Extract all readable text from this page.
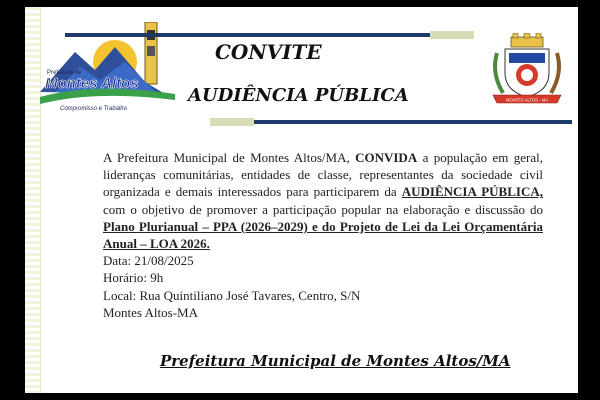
Prefeitura de
Montes Altos
Compromisso e Trabalho
CONVITE
AUDIÊNCIA PÚBLICA	MONTES ALTOS - MA

A Prefeitura Municipal de Montes Altos/MA, CONVIDA a população em geral, lideranças comunitárias, entidades de classe, representantes da sociedade civil organizada e demais interessados para participarem da AUDIÊNCIA PÚBLICA, com o objetivo de promover a participação popular na elaboração e discussão do Plano Plurianual – PPA (2026–2029) e do Projeto de Lei da Lei Orçamentária Anual – LOA 2026.

Data: 21/08/2025

Horário: 9h

Local: Rua Quintiliano José Tavares, Centro, S/N

Montes Altos-MA

Prefeitura Municipal de Montes Altos/MA
